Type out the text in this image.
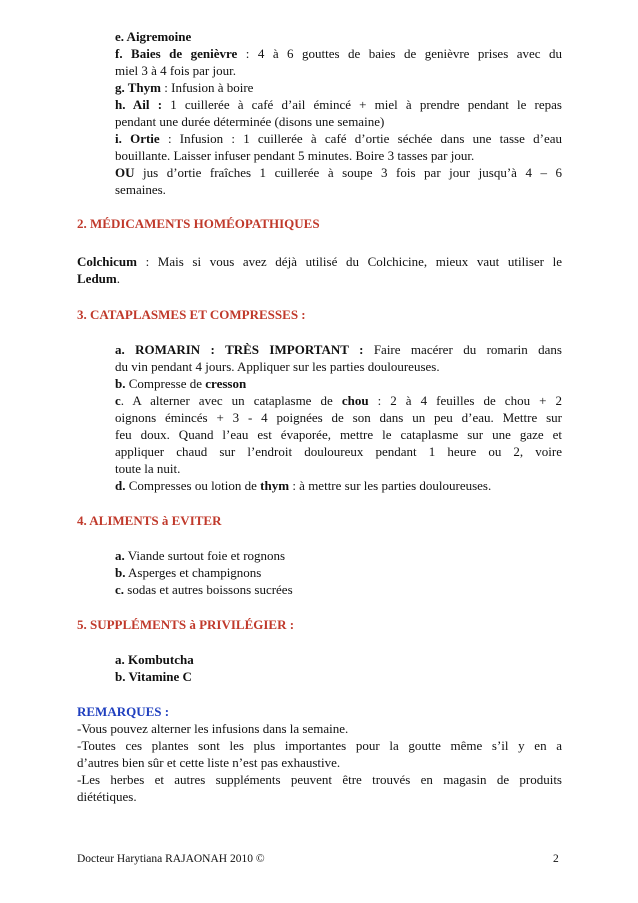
e. Aigremoine
f. Baies de genièvre : 4 à 6 gouttes de baies de genièvre prises avec du
miel 3 à 4 fois par jour.
g. Thym : Infusion à boire
h. Ail : 1 cuillerée à café d’ail émincé + miel à prendre pendant le repas
pendant une durée déterminée (disons une semaine)
i. Ortie : Infusion : 1 cuillerée à café d’ortie séchée dans une tasse d’eau
bouillante. Laisser infuser pendant 5 minutes. Boire 3 tasses par jour.
OU jus d’ortie fraîches 1 cuillerée à soupe 3 fois par jour jusqu’à 4 – 6
semaines.
2. MÉDICAMENTS HOMÉOPATHIQUES
Colchicum : Mais si vous avez déjà utilisé du Colchicine, mieux vaut utiliser le
Ledum.
3. CATAPLASMES ET COMPRESSES :
a. ROMARIN : TRÈS IMPORTANT : Faire macérer du romarin dans
du vin pendant 4 jours. Appliquer sur les parties douloureuses.
b. Compresse de cresson
c. A alterner avec un cataplasme de chou : 2 à 4 feuilles de chou + 2
oignons émincés + 3 - 4 poignées de son dans un peu d’eau. Mettre sur
feu doux. Quand l’eau est évaporée, mettre le cataplasme sur une gaze et
appliquer chaud sur l’endroit douloureux pendant 1 heure ou 2, voire
toute la nuit.
d. Compresses ou lotion de thym : à mettre sur les parties douloureuses.
4. ALIMENTS à EVITER
a. Viande surtout foie et rognons
b. Asperges et champignons
c. sodas et autres boissons sucrées
5. SUPPLÉMENTS à PRIVILÉGIER :
a. Kombutcha
b. Vitamine C
REMARQUES :
-Vous pouvez alterner les infusions dans la semaine.
-Toutes ces plantes sont les plus importantes pour la goutte même s’il y en a
d’autres bien sûr et cette liste n’est pas exhaustive.
-Les herbes et autres suppléments peuvent être trouvés en magasin de produits
diététiques.
Docteur Harytiana RAJAONAH 2010 ©	2
